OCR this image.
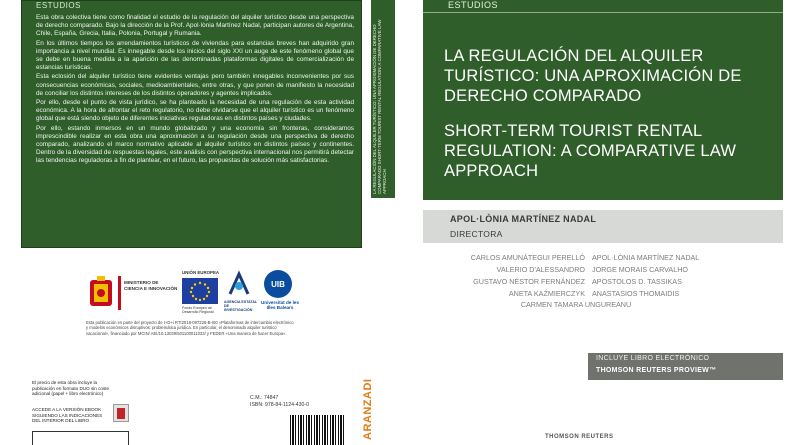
ESTUDIOS

Esta obra colectiva tiene como finalidad el estudio de la regulación del alquiler turístico desde una perspectiva de derecho comparado. Bajo la dirección de la Prof. Apol·lònia Martínez Nadal, participan autores de Argentina, Chile, España, Grecia, Italia, Polonia, Portugal y Rumania.

En los últimos tiempos los arrendamientos turísticos de viviendas para estancias breves han adquirido gran importancia a nivel mundial. Es innegable desde los inicios del siglo XXI un auge de este fenómeno global que se debe en buena medida a la aparición de las denominadas plataformas digitales de comercialización de estancias turísticas.

Esta eclosión del alquiler turístico tiene evidentes ventajas pero también innegables inconvenientes por sus consecuencias económicas, sociales, medioambientales, entre otras, y que ponen de manifiesto la necesidad de conciliar los distintos intereses de los distintos operadores y agentes implicados.

Por ello, desde el punto de vista jurídico, se ha planteado la necesidad de una regulación de esta actividad económica. A la hora de afrontar el reto regulatorio, no debe olvidarse que el alquiler turístico es un fenómeno global que está siendo objeto de diferentes iniciativas reguladoras en distintos países y ciudades.

Por ello, estando inmersos en un mundo globalizado y una economía sin fronteras, consideramos imprescindible realizar en esta obra una aproximación a su regulación desde una perspectiva de derecho comparado, analizando el marco normativo aplicable al alquiler turístico en distintos países y continentes. Dentro de la diversidad de respuestas legales, este análisis con perspectiva internacional nos permitirá detectar las tendencias reguladoras a fin de plantear, en el futuro, las propuestas de solución más satisfactorias.

MINISTERIO DE CIENCIA E INNOVACIÓN
UNIÓN EUROPEA
Fondo Europeo de Desarrollo Regional
AGENCIA ESTATAL DE INVESTIGACIÓN
UIB
Universitat de les Illes Balears
Esta publicación es parte del proyecto de I+D+i RTI2018-097226-B-I00 «Plataformas de intercambio electrónico y modelos económicos disruptivos: problemática jurídica. En particular, el denominado alquiler turístico vacacional», financiado por MCIN/ AEI/10.13039/501100011033/ y FEDER «Una manera de hacer Europa».
El precio de esta obra incluye la publicación en formato DUO sin coste adicional (papel + libro electrónico)
ACCEDE A LA VERSIÓN EBOOK SIGUIENDO LAS INDICACIONES DEL INTERIOR DEL LIBRO
C.M.: 74847
ISBN: 978-84-1124-430-0
LA REGULACIÓN DEL ALQUILER TURÍSTICO: UNA APROXIMACIÓN DE DERECHO COMPARADO SHORT-TERM TOURIST RENTAL REGULATION: A COMPARATIVE LAW APPROACH
ARANZADI
ESTUDIOS
LA REGULACIÓN DEL ALQUILER TURÍSTICO: UNA APROXIMACIÓN DE DERECHO COMPARADO
SHORT-TERM TOURIST RENTAL REGULATION: A COMPARATIVE LAW APPROACH
APOL·LÒNIA MARTÍNEZ NADAL
DIRECTORA
CARLOS AMUNÁTEGUI PERELLÓ
VALERIO D'ALESSANDRO
GUSTAVO NÉSTOR FERNÁNDEZ
ANETA KAŹMIERCZYK
APOL·LÒNIA MARTÍNEZ NADAL
JORGE MORAIS CARVALHO
APOSTOLOS D. TASSIKAS
ANASTASIOS THOMAIDIS
CARMEN TAMARA UNGUREANU
INCLUYE LIBRO ELECTRÓNICO
THOMSON REUTERS PROVIEW™
THOMSON REUTERS
